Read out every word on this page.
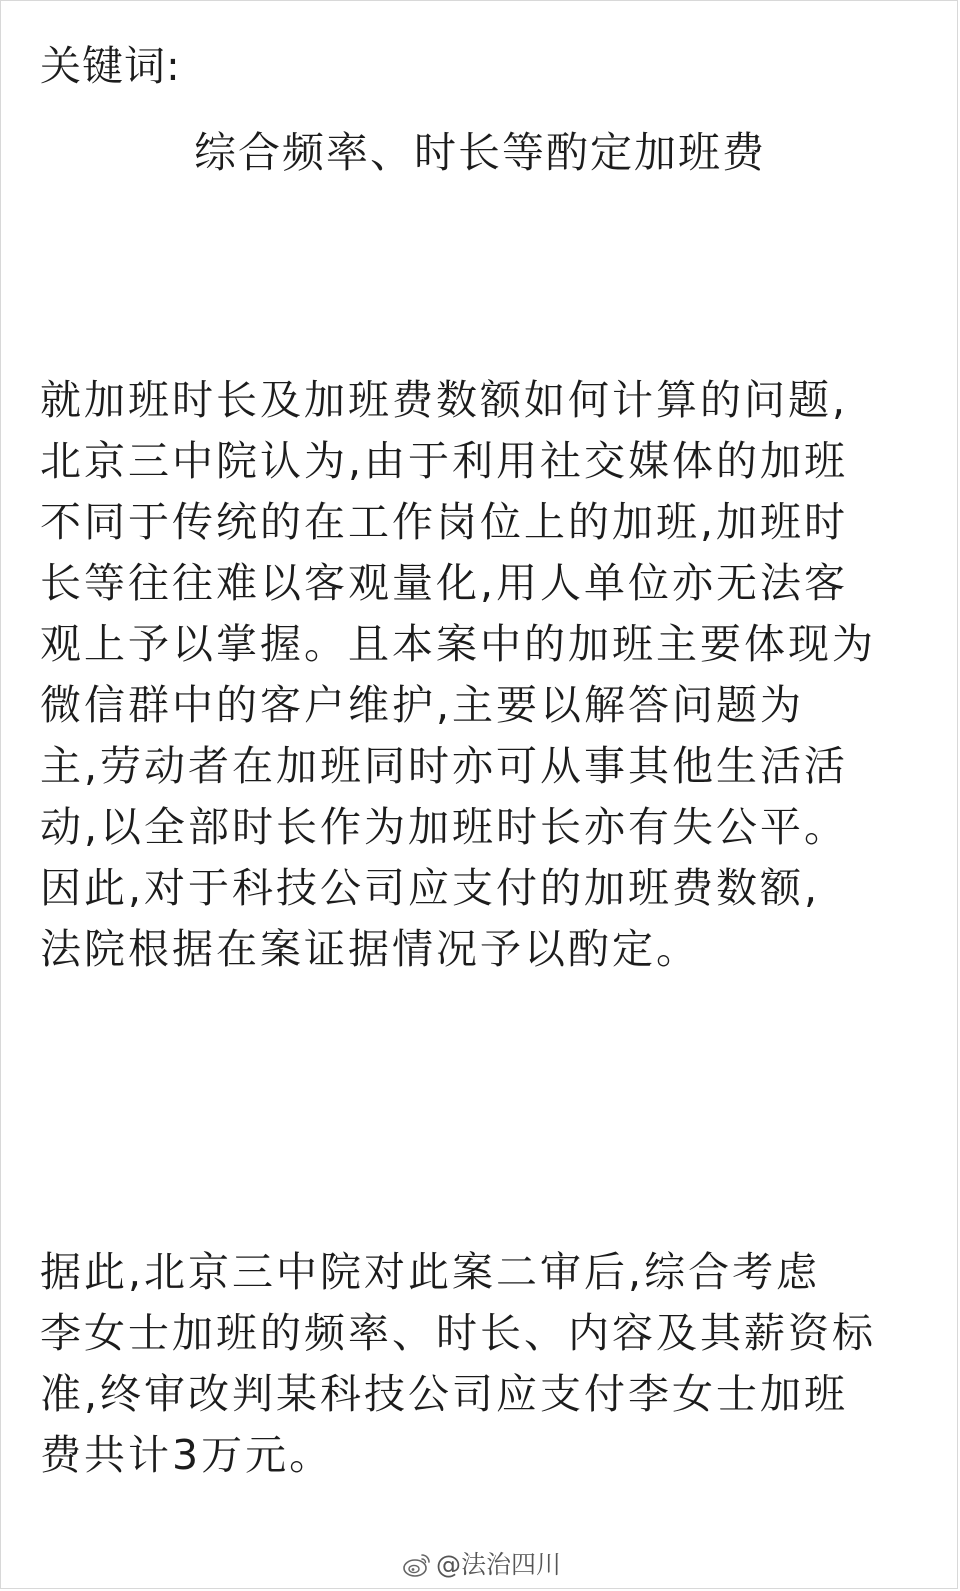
关键词:
综合频率、时长等酌定加班费
就加班时长及加班费数额如何计算的问题,
北京三中院认为,由于利用社交媒体的加班
不同于传统的在工作岗位上的加班,加班时
长等往往难以客观量化,用人单位亦无法客
观上予以掌握。且本案中的加班主要体现为
微信群中的客户维护,主要以解答问题为
主,劳动者在加班同时亦可从事其他生活活
动,以全部时长作为加班时长亦有失公平。
因此,对于科技公司应支付的加班费数额,
法院根据在案证据情况予以酌定。
据此,北京三中院对此案二审后,综合考虑
李女士加班的频率、时长、内容及其薪资标
准,终审改判某科技公司应支付李女士加班
费共计3万元。
@法治四川
